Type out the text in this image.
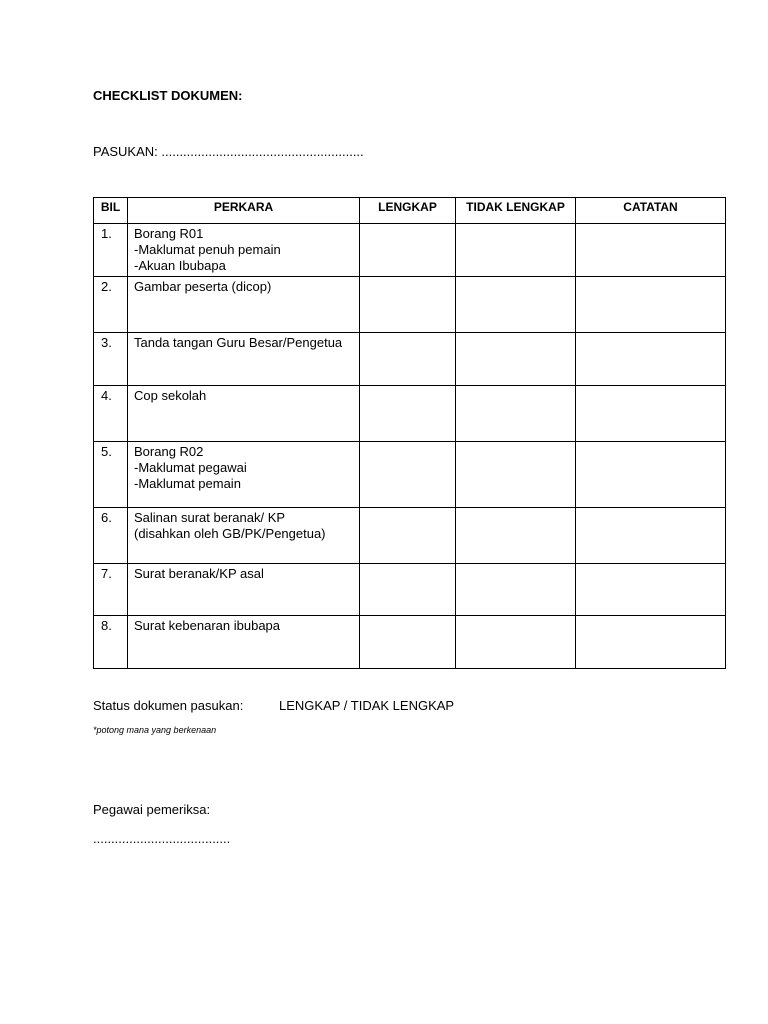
CHECKLIST DOKUMEN:
PASUKAN: ........................................................
BIL	PERKARA	LENGKAP	TIDAK LENGKAP	CATATAN
1.	Borang R01
-Maklumat penuh pemain
-Akuan Ibubapa			

2.	Gambar peserta (dicop)			

3.	Tanda tangan Guru Besar/Pengetua			

4.	Cop sekolah			

5.	Borang R02
-Maklumat pegawai
-Maklumat pemain			

6.	Salinan surat beranak/ KP
(disahkan oleh GB/PK/Pengetua)			

7.	Surat beranak/KP asal			

8.	Surat kebenaran ibubapa			

Status dokumen pasukan:	LENGKAP / TIDAK LENGKAP
*potong mana yang berkenaan
Pegawai pemeriksa:
......................................
